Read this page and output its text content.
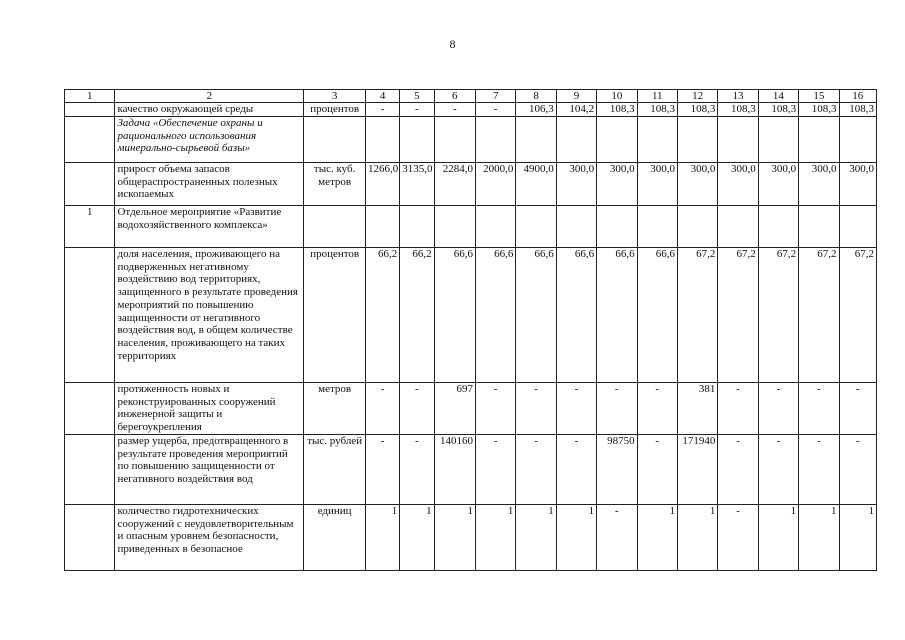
8
1	2	3	4	5	6	7	8	9	10	11	12	13	14	15	16
	качество окружающей среды	процентов	-	-	-	-	106,3	104,2	108,3	108,3	108,3	108,3	108,3	108,3	108,3
	Задача «Обеспечение охраны и рационального использования минерально-сырьевой базы»														
	прирост объема запасов общераспространенных полезных ископаемых	тыс. куб. метров	1266,0	3135,0	2284,0	2000,0	4900,0	300,0	300,0	300,0	300,0	300,0	300,0	300,0	300,0
1	Отдельное мероприятие «Развитие водохозяйственного комплекса»														
	доля населения, проживающего на подверженных негативному воздействию вод территориях, защищенного в результате проведения мероприятий по повышению защищенности от негативного воздействия вод, в общем количестве населения, проживающего на таких территориях	процентов	66,2	66,2	66,6	66,6	66,6	66,6	66,6	66,6	67,2	67,2	67,2	67,2	67,2
	протяженность новых и реконструированных сооружений инженерной защиты и берегоукрепления	метров	-	-	697	-	-	-	-	-	381	-	-	-	-
	размер ущерба, предотвращенного в результате проведения мероприятий по повышению защищенности от негативного воздействия вод	тыс. рублей	-	-	140160	-	-	-	98750	-	171940	-	-	-	-
	количество гидротехнических сооружений с неудовлетворительным и опасным уровнем безопасности, приведенных в безопасное	единиц	1	1	1	1	1	1	-	1	1	-	1	1	1
